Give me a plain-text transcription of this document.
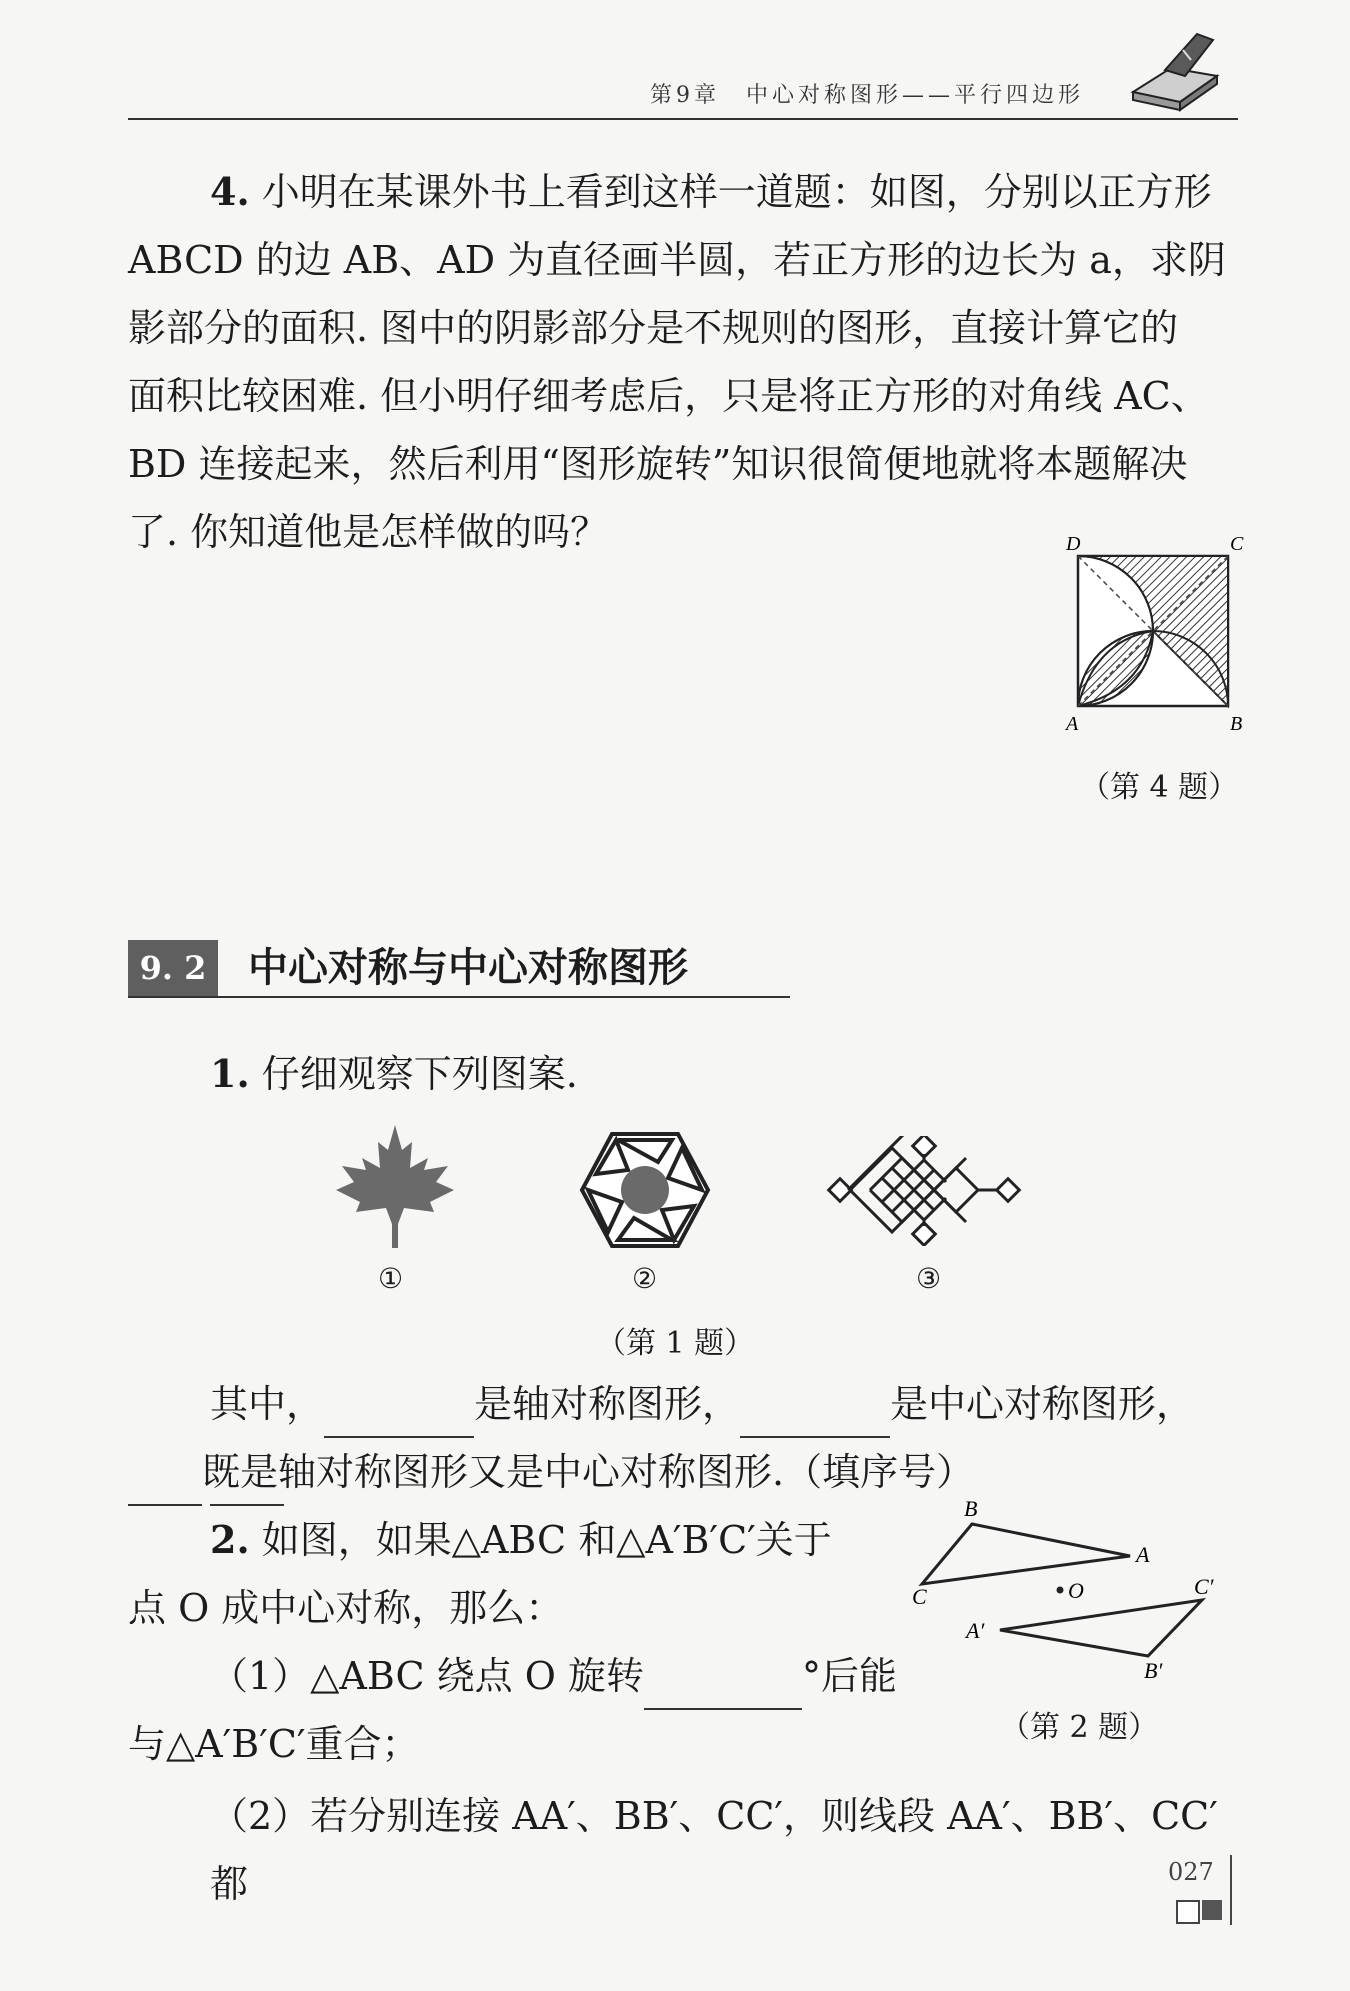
第9章 中心对称图形——平行四边形

4. 小明在某课外书上看到这样一道题：如图，分别以正方形

ABCD 的边 AB、AD 为直径画半圆，若正方形的边长为 a，求阴

影部分的面积. 图中的阴影部分是不规则的图形，直接计算它的

面积比较困难. 但小明仔细考虑后，只是将正方形的对角线 AC、

BD 连接起来，然后利用“图形旋转”知识很简便地就将本题解决

了. 你知道他是怎样做的吗？	D	C
A	B
（第 4 题）
9. 2 中心对称与中心对称图形

1. 仔细观察下列图案.

①	②	③
（第 1 题）

其中，	是轴对称图形，	是中心对称图形，

既是轴对称图形又是中心对称图形.（填序号）

2. 如图，如果△ABC 和△A′B′C′关于

点 O 成中心对称，那么：

（1）△ABC 绕点 O 旋转	°后能

与△A′B′C′重合；

（2）若分别连接 AA′、BB′、CC′，则线段 AA′、BB′、CC′都

B
A
C	O	C′
A′
B′
（第 2 题）
027
